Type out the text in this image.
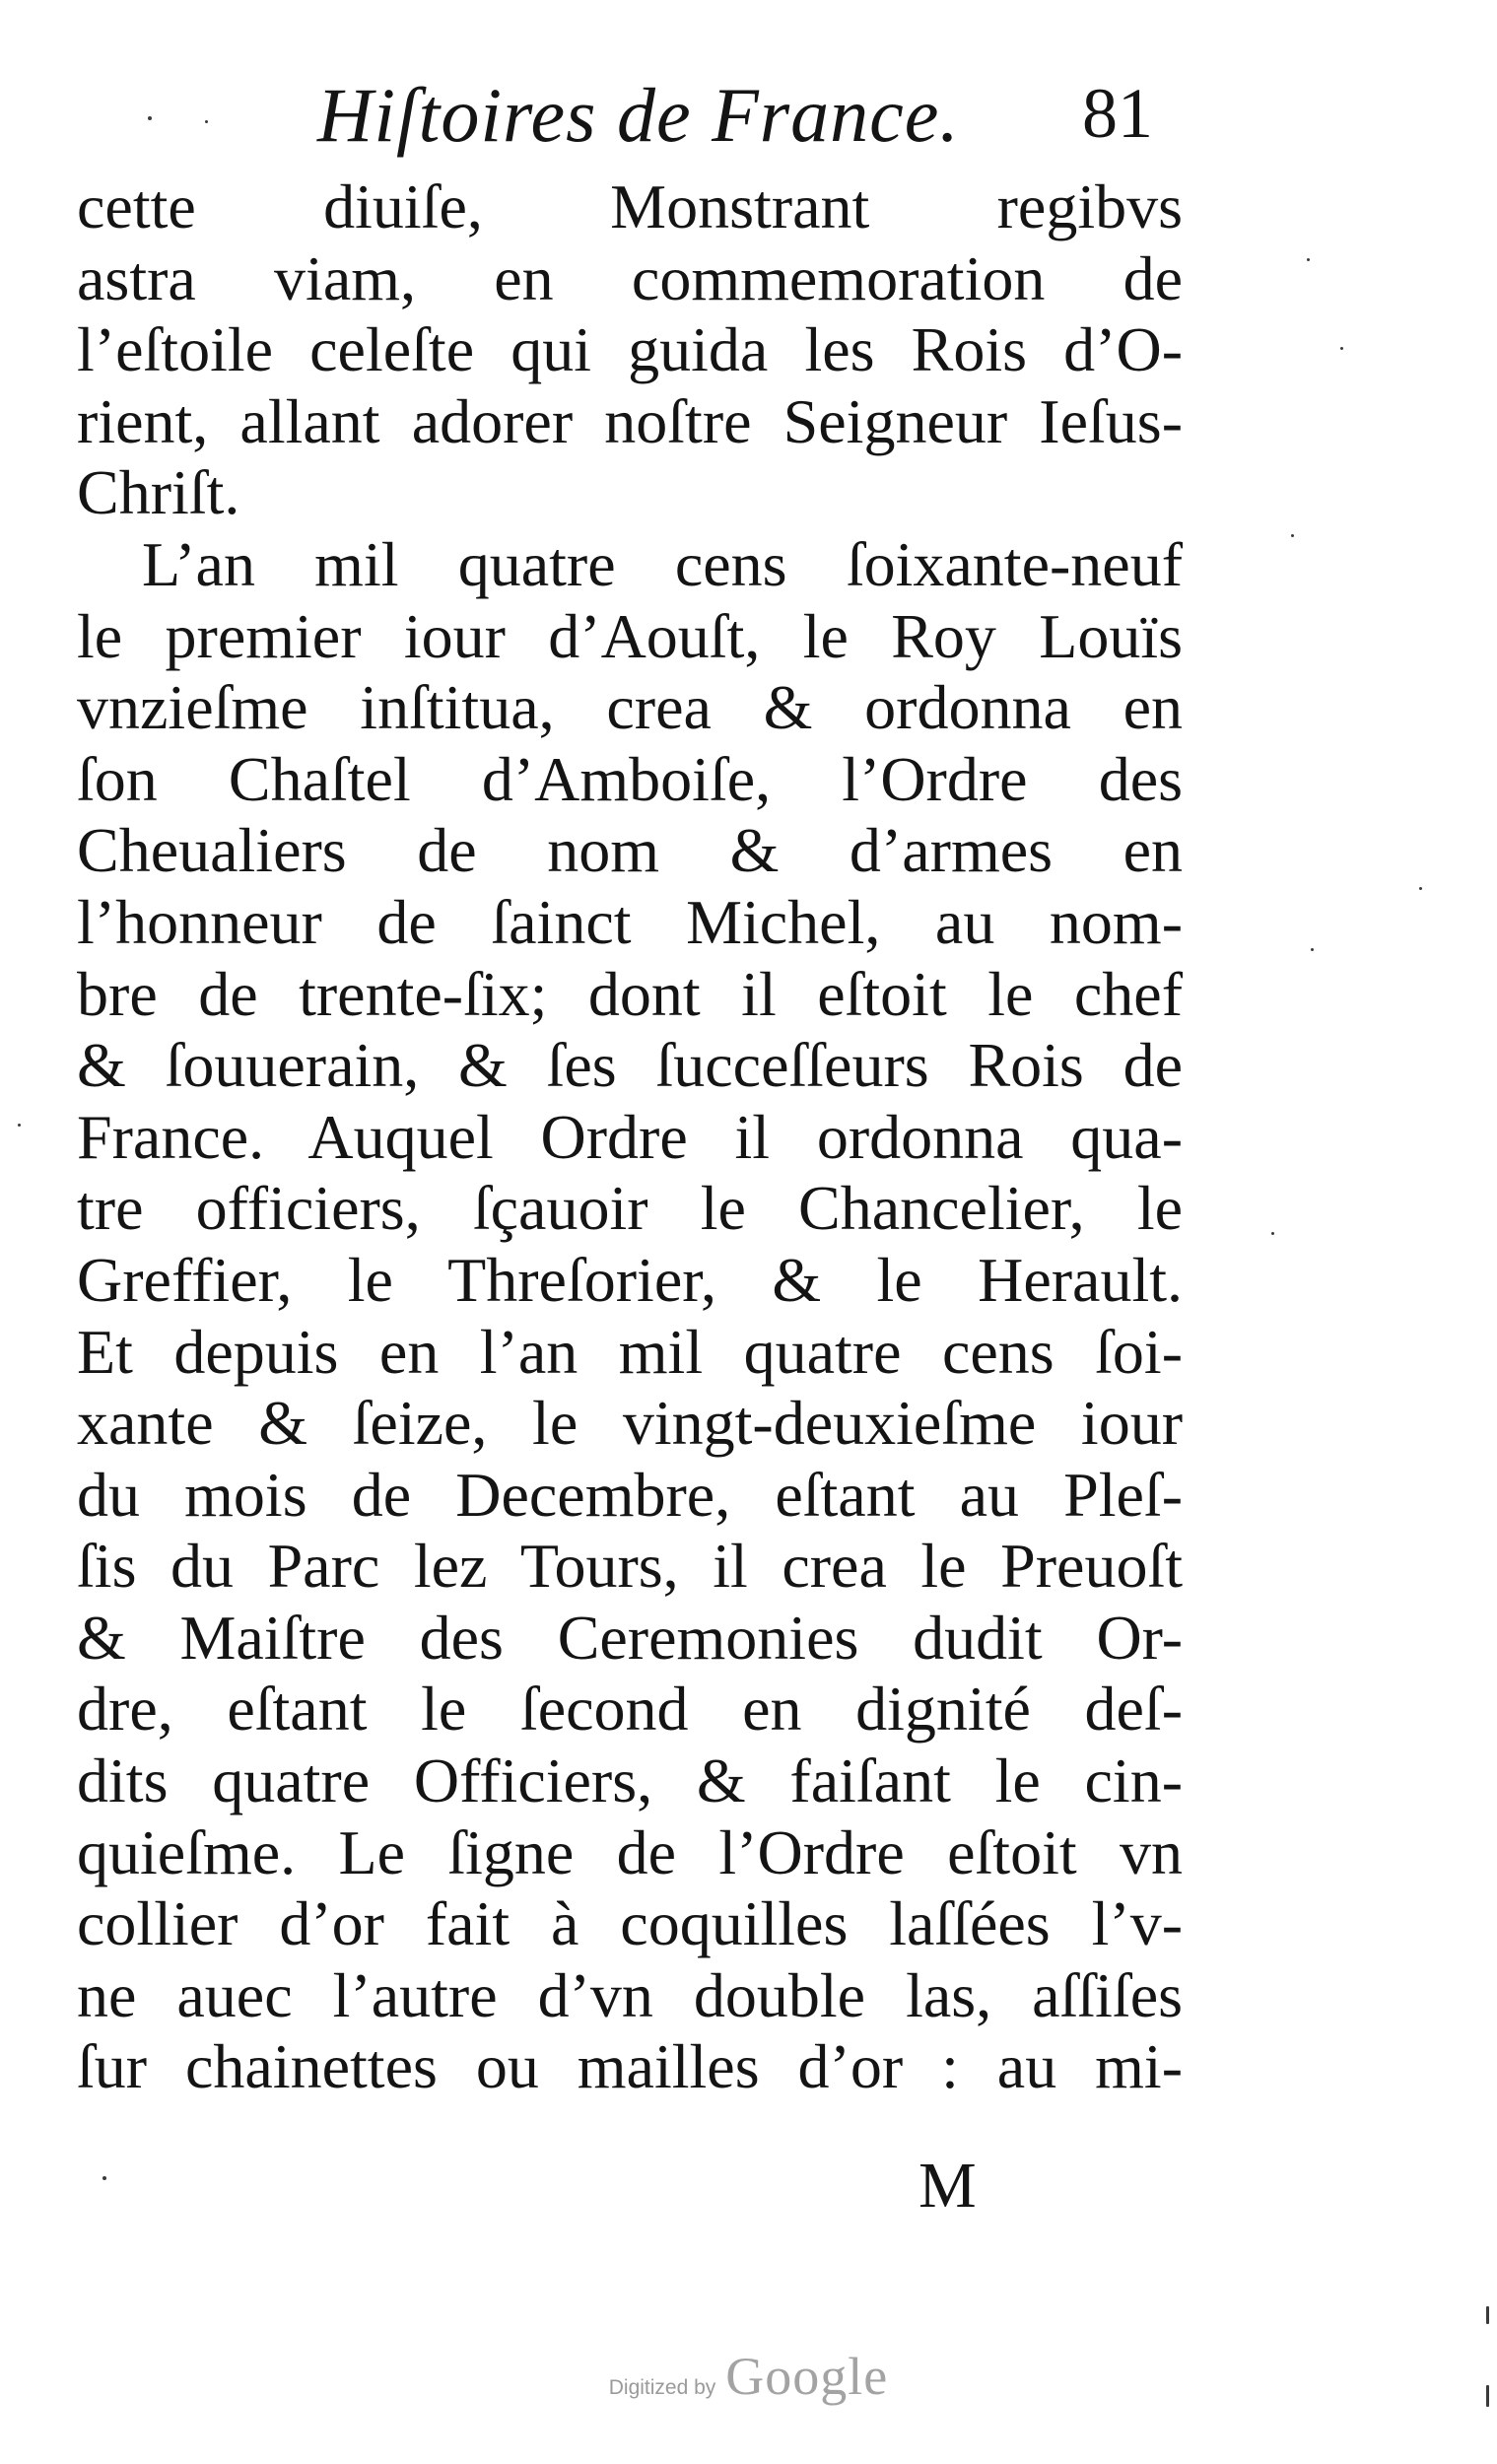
Hiſtoires de France. 81
cette diuiſe, Monstrant regibvs
astra viam, en commemoration de
l’eſtoile celeſte qui guida les Rois d’O-
rient, allant adorer noſtre Seigneur Ieſus-
Chriſt.
L’an mil quatre cens ſoixante-neuf
le premier iour d’Aouſt, le Roy Louïs
vnzieſme inſtitua, crea & ordonna en
ſon Chaſtel d’Amboiſe, l’Ordre des
Cheualiers de nom & d’armes en
l’honneur de ſainct Michel, au nom-
bre de trente-ſix; dont il eſtoit le chef
& ſouuerain, & ſes ſucceſſeurs Rois de
France. Auquel Ordre il ordonna qua-
tre officiers, ſçauoir le Chancelier, le
Greffier, le Threſorier, & le Herault.
Et depuis en l’an mil quatre cens ſoi-
xante & ſeize, le vingt-deuxieſme iour
du mois de Decembre, eſtant au Pleſ-
ſis du Parc lez Tours, il crea le Preuoſt
& Maiſtre des Ceremonies dudit Or-
dre, eſtant le ſecond en dignité deſ-
dits quatre Officiers, & faiſant le cin-
quieſme. Le ſigne de l’Ordre eſtoit vn
collier d’or fait à coquilles laſſées l’v-
ne auec l’autre d’vn double las, aſſiſes
ſur chainettes ou mailles d’or : au mi-
M
Digitized by Google
